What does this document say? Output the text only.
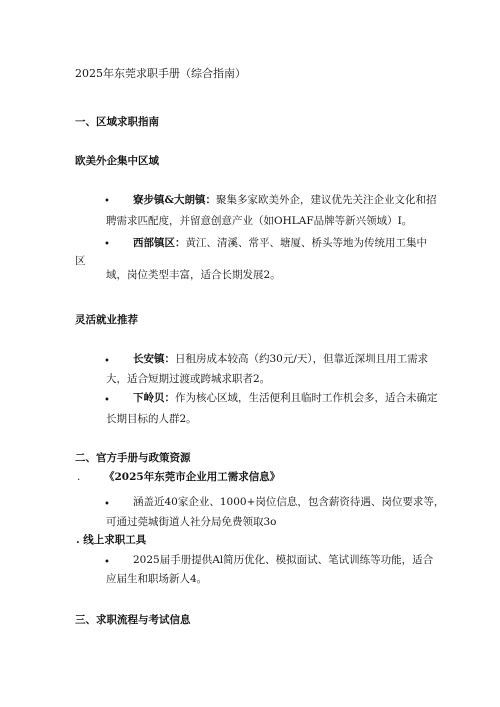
2025年东莞求职手册（综合指南）
一、区域求职指南
欧美外企集中区域
• 寮步镇&大朗镇：聚集多家欧美外企，建议优先关注企业文化和招
聘需求匹配度，并留意创意产业（如OHLAF品牌等新兴领域）I。
• 西部镇区：黄江、清溪、常平、塘厦、桥头等地为传统用工集中
区
域，岗位类型丰富，适合长期发展2。
灵活就业推荐
• 长安镇：日租房成本较高（约30元/天），但靠近深圳且用工需求
大，适合短期过渡或跨城求职者2。
• 下岭贝：作为核心区域，生活便利且临时工作机会多，适合未确定
长期目标的人群2。
二、官方手册与政策资源
. 《2025年东莞市企业用工需求信息》
• 涵盖近40家企业、1000+岗位信息，包含薪资待遇、岗位要求等，
可通过莞城街道人社分局免费领取3o
. 线上求职工具
• 2025届手册提供Al简历优化、模拟面试、笔试训练等功能，适合
应届生和职场新人4。
三、求职流程与考试信息
